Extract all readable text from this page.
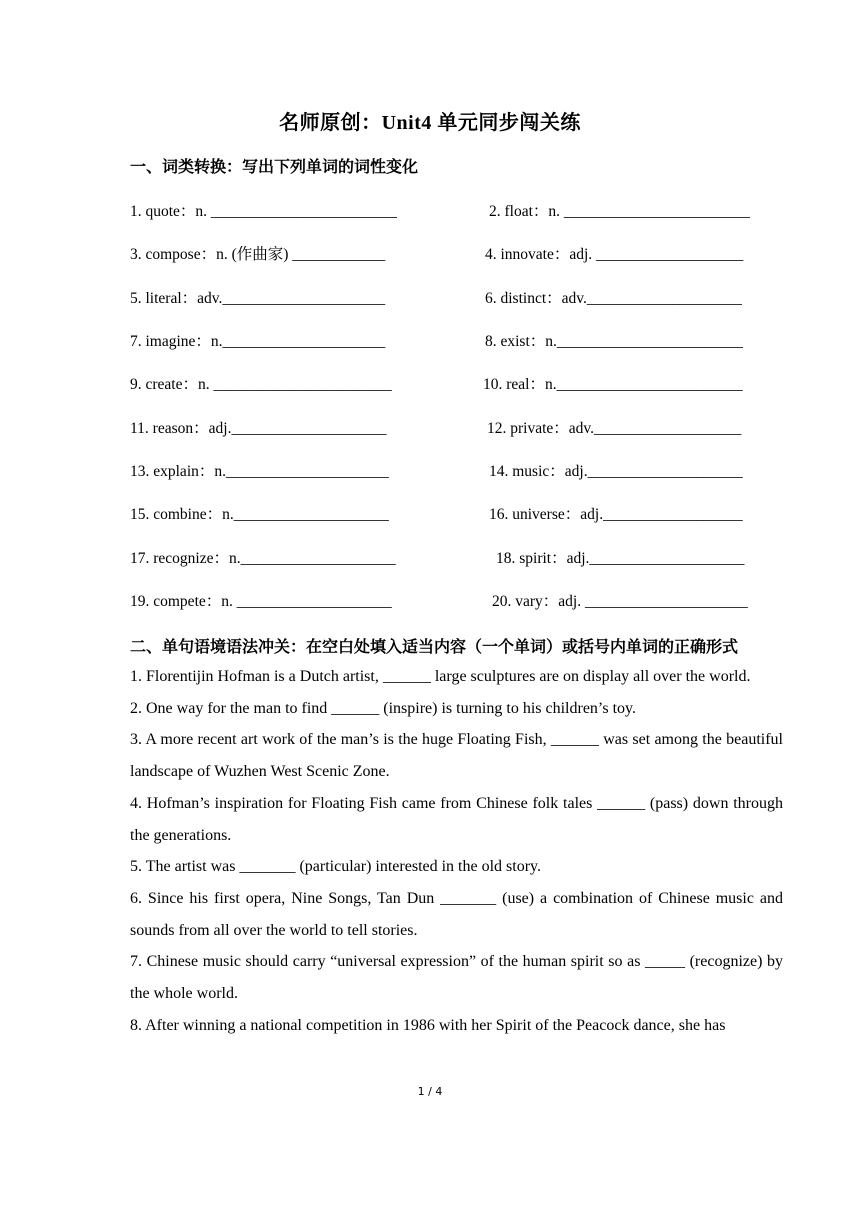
名师原创：Unit4 单元同步闯关练
一、词类转换：写出下列单词的词性变化
1. quote：n. ________________________	2. float：n. ________________________
3. compose：n. (作曲家) ____________	4. innovate：adj. ___________________
5. literal：adv._____________________	6. distinct：adv.____________________
7. imagine：n._____________________	8. exist：n.________________________
9. create：n. _______________________	10. real：n.________________________
11. reason：adj.____________________	12. private：adv.___________________
13. explain：n._____________________	14. music：adj.____________________
15. combine：n.____________________	16. universe：adj.__________________
17. recognize：n.____________________	18. spirit：adj.____________________
19. compete：n. ____________________	20. vary：adj. _____________________
二、单句语境语法冲关：在空白处填入适当内容（一个单词）或括号内单词的正确形式

1. Florentijin Hofman is a Dutch artist, ______ large sculptures are on display all over the world.

2. One way for the man to find ______ (inspire) is turning to his children’s toy.

3. A more recent art work of the man’s is the huge Floating Fish, ______ was set among the beautiful landscape of Wuzhen West Scenic Zone.

4. Hofman’s inspiration for Floating Fish came from Chinese folk tales ______ (pass) down through the generations.

5. The artist was _______ (particular) interested in the old story.

6. Since his first opera, Nine Songs, Tan Dun _______ (use) a combination of Chinese music and sounds from all over the world to tell stories.

7. Chinese music should carry “universal expression” of the human spirit so as _____ (recognize) by the whole world.

8. After winning a national competition in 1986 with her Spirit of the Peacock dance, she has

1 / 4
